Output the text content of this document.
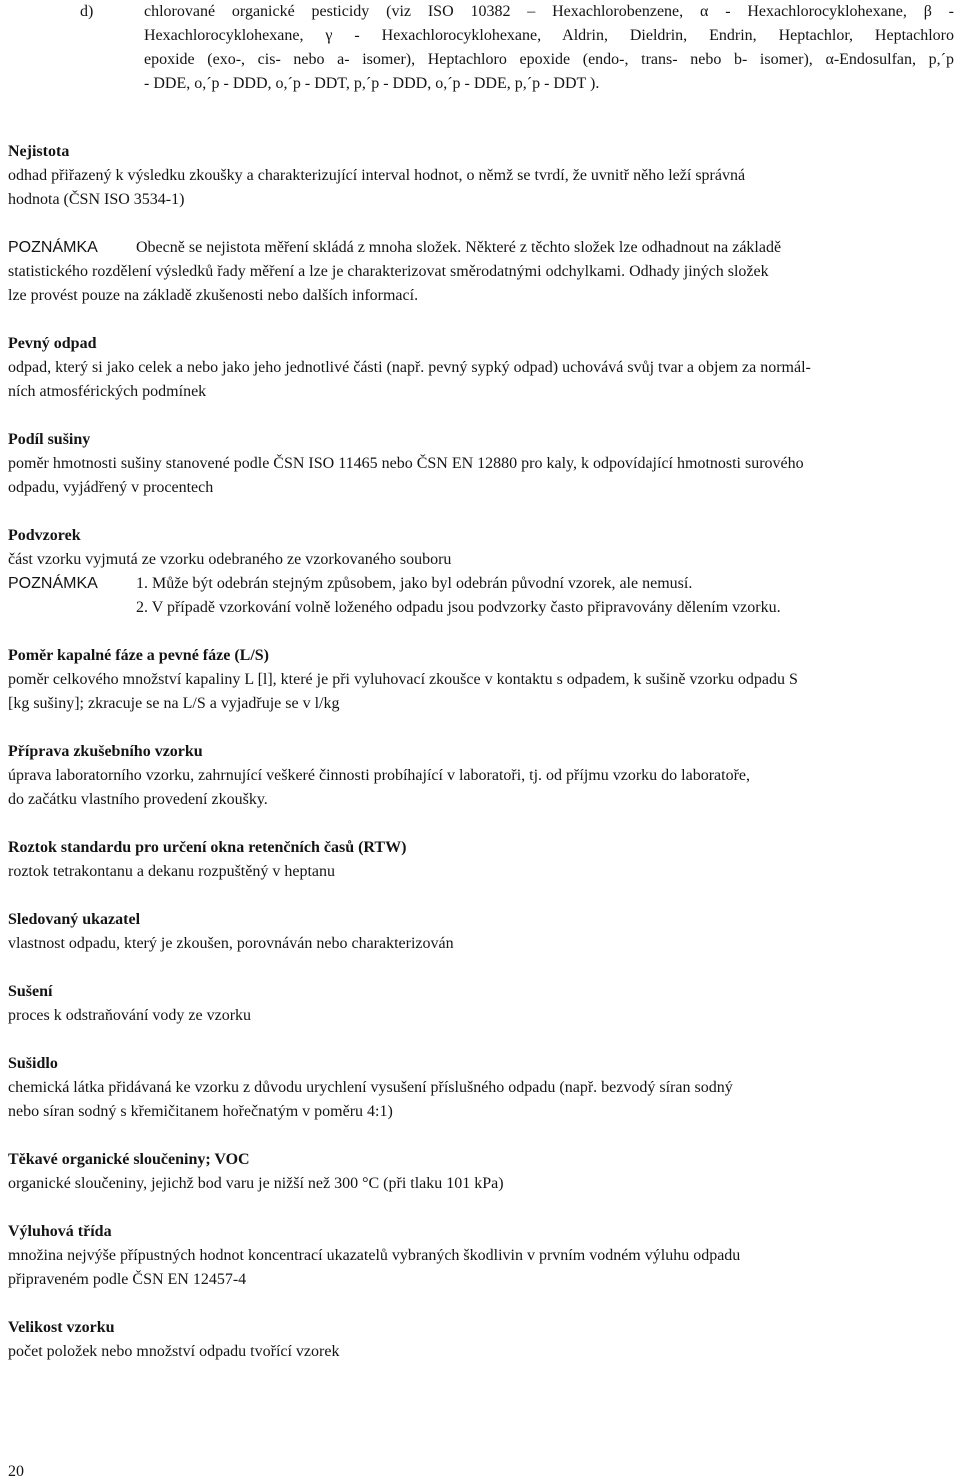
d)	chlorované organické pesticidy (viz ISO 10382 – Hexachlorobenzene, α - Hexachlorocyklohexane, β -
Hexachlorocyklohexane, γ - Hexachlorocyklohexane, Aldrin, Dieldrin, Endrin, Heptachlor, Heptachloro
epoxide (exo-, cis- nebo a- isomer), Heptachloro epoxide (endo-, trans- nebo b- isomer), α-Endosulfan, p,´p
- DDE, o,´p - DDD, o,´p - DDT, p,´p - DDD, o,´p - DDE, p,´p - DDT ).
Nejistota
odhad přiřazený k výsledku zkoušky a charakterizující interval hodnot, o němž se tvrdí, že uvnitř něho leží správná
hodnota (ČSN ISO 3534-1)
POZNÁMKA Obecně se nejistota měření skládá z mnoha složek. Některé z těchto složek lze odhadnout na základě
statistického rozdělení výsledků řady měření a lze je charakterizovat směrodatnými odchylkami. Odhady jiných složek
lze provést pouze na základě zkušenosti nebo dalších informací.
Pevný odpad
odpad, který si jako celek a nebo jako jeho jednotlivé části (např. pevný sypký odpad) uchovává svůj tvar a objem za normál-
ních atmosférických podmínek
Podíl sušiny
poměr hmotnosti sušiny stanovené podle ČSN ISO 11465 nebo ČSN EN 12880 pro kaly, k odpovídající hmotnosti surového
odpadu, vyjádřený v procentech
Podvzorek
část vzorku vyjmutá ze vzorku odebraného ze vzorkovaného souboru
POZNÁMKA 1. Může být odebrán stejným způsobem, jako byl odebrán původní vzorek, ale nemusí.
2. V případě vzorkování volně loženého odpadu jsou podvzorky často připravovány dělením vzorku.
Poměr kapalné fáze a pevné fáze (L/S)
poměr celkového množství kapaliny L [l], které je při vyluhovací zkoušce v kontaktu s odpadem, k sušině vzorku odpadu S
[kg sušiny]; zkracuje se na L/S a vyjadřuje se v l/kg
Příprava zkušebního vzorku
úprava laboratorního vzorku, zahrnující veškeré činnosti probíhající v laboratoři, tj. od příjmu vzorku do laboratoře,
do začátku vlastního provedení zkoušky.
Roztok standardu pro určení okna retenčních časů (RTW)
roztok tetrakontanu a dekanu rozpuštěný v heptanu
Sledovaný ukazatel
vlastnost odpadu, který je zkoušen, porovnáván nebo charakterizován
Sušení
proces k odstraňování vody ze vzorku
Sušidlo
chemická látka přidávaná ke vzorku z důvodu urychlení vysušení příslušného odpadu (např. bezvodý síran sodný
nebo síran sodný s křemičitanem hořečnatým v poměru 4:1)
Těkavé organické sloučeniny; VOC
organické sloučeniny, jejichž bod varu je nižší než 300 °C (při tlaku 101 kPa)
Výluhová třída
množina nejvýše přípustných hodnot koncentrací ukazatelů vybraných škodlivin v prvním vodném výluhu odpadu
připraveném podle ČSN EN 12457-4
Velikost vzorku
počet položek nebo množství odpadu tvořící vzorek
20
